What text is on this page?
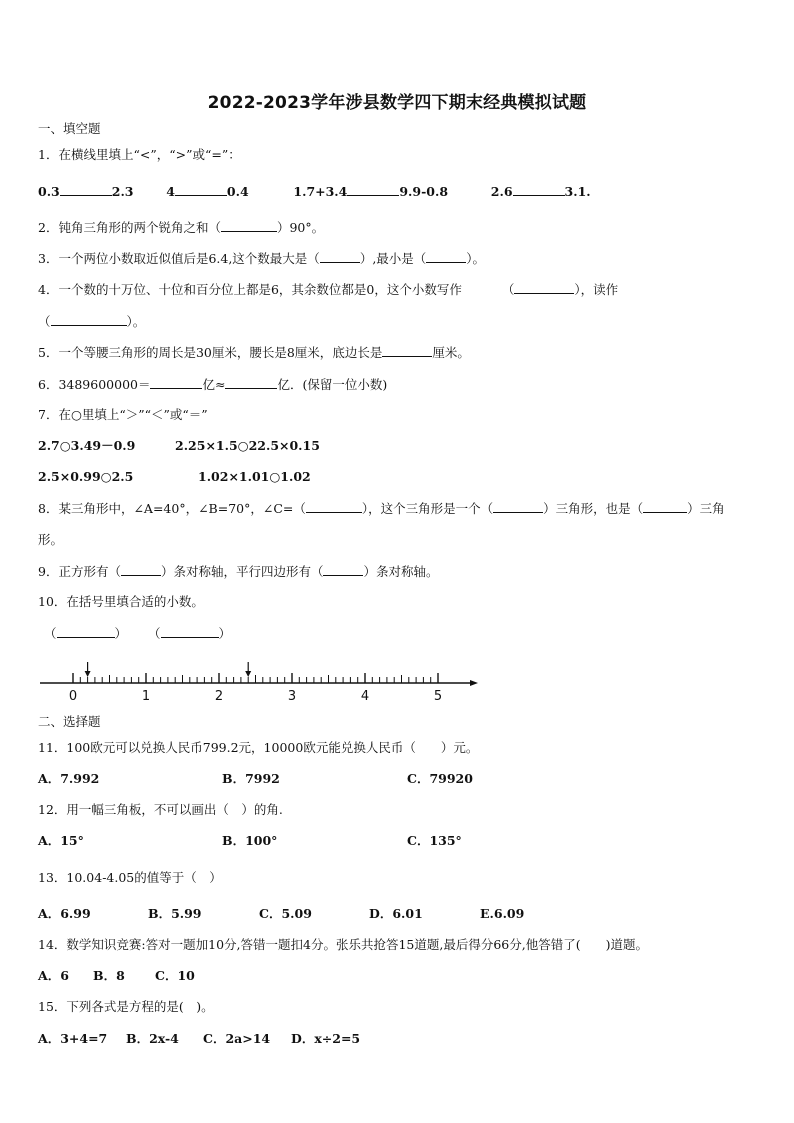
2022-2023学年涉县数学四下期末经典模拟试题
一、填空题
1．在横线里填上“<”，“>”或“=”：
0.3	2.3	4	0.4	1.7+3.4	9.9-0.8	2.6	3.1.
2．钝角三角形的两个锐角之和（	）90°。
3．一个两位小数取近似值后是6.4,这个数最大是（	）,最小是（	）。
4．一个数的十万位、十位和百分位上都是6，其余数位都是0，这个小数写作	（	），读作
（	）。
5．一个等腰三角形的周长是30厘米，腰长是8厘米，底边长是	厘米。
6．3489600000＝	亿≈	亿．(保留一位小数)
7．在○里填上“＞”“＜”或“＝”
2.7○3.49－0.9	2.25×1.5○22.5×0.15
2.5×0.99○2.5	1.02×1.01○1.02
8．某三角形中，∠A=40°，∠B=70°，∠C=（	），这个三角形是一个（	）三角形，也是（	）三角
形。
9．正方形有（	）条对称轴，平行四边形有（	）条对称轴。
10．在括号里填合适的小数。
（	） （	）
0	1	2	3	4	5
二、选择题
11．100欧元可以兑换人民币799.2元，10000欧元能兑换人民币（　　）元。
A．7.992	B．7992	C．79920
12．用一幅三角板，不可以画出（　）的角.
A．15°	B．100°	C．135°
13．10.04-4.05的值等于（　）
A．6.99	B．5.99	C．5.09	D．6.01	E.6.09
14．数学知识竞赛:答对一题加10分,答错一题扣4分。张乐共抢答15道题,最后得分66分,他答错了(　　)道题。
A．6 B．8 C．10
15．下列各式是方程的是(　)。
A．3+4=7 B．2x-4 C．2a>14 D．x÷2=5
